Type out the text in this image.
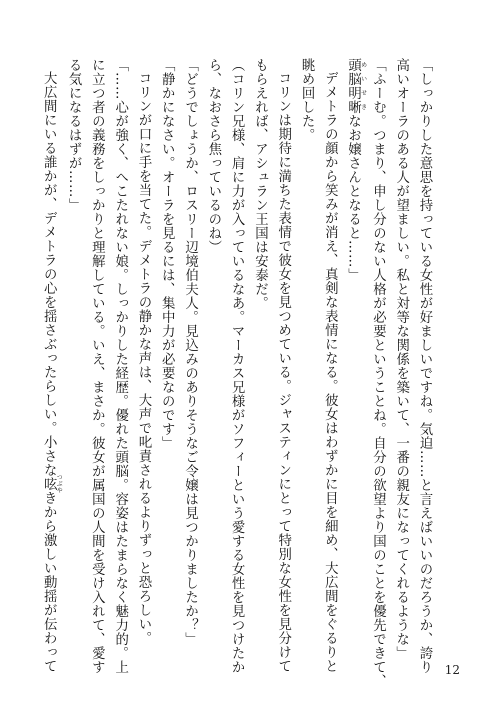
「しっかりした意思を持っている女性が好ましいですね。気迫……と言えばいいのだろうか、誇り
高いオーラのある人が望ましい。私と対等な関係を築いて、一番の親友になってくれるような」
「ふーむ。つまり、申し分のない人格が必要ということね。自分の欲望より国のことを優先できて、
頭脳明晰 めいせきなお嬢さんとなると……」
デメトラの顔から笑みが消え、真剣な表情になる。彼女はわずかに目を細め、大広間をぐるりと
眺め回した。
コリンは期待に満ちた表情で彼女を見つめている。ジャスティンにとって特別な女性を見分けて
もらえれば、アシュラン王国は安泰だ。
（コリン兄様、肩に力が入っているなあ。マーカス兄様がソフィーという愛する女性を見つけたか
ら、なおさら焦っているのね）
「どうでしょうか、ロスリー辺境伯夫人。見込みのありそうなご令嬢は見つかりましたか？」
「静かになさい。オーラを見るには、集中力が必要なのです」
コリンが口に手を当てた。デメトラの静かな声は、大声で叱責されるよりずっと恐ろしい。
「……心が強く、へこたれない娘。しっかりした経歴。優れた頭脳。容姿はたまらなく魅力的。上
に立つ者の義務をしっかりと理解している。いえ、まさか。彼女が属国の人間を受け入れて、愛す
る気になるはずが……」
大広間にいる誰かが、デメトラの心を揺さぶったらしい。小さな呟 つぶやきから激しい動揺が伝わって	12
